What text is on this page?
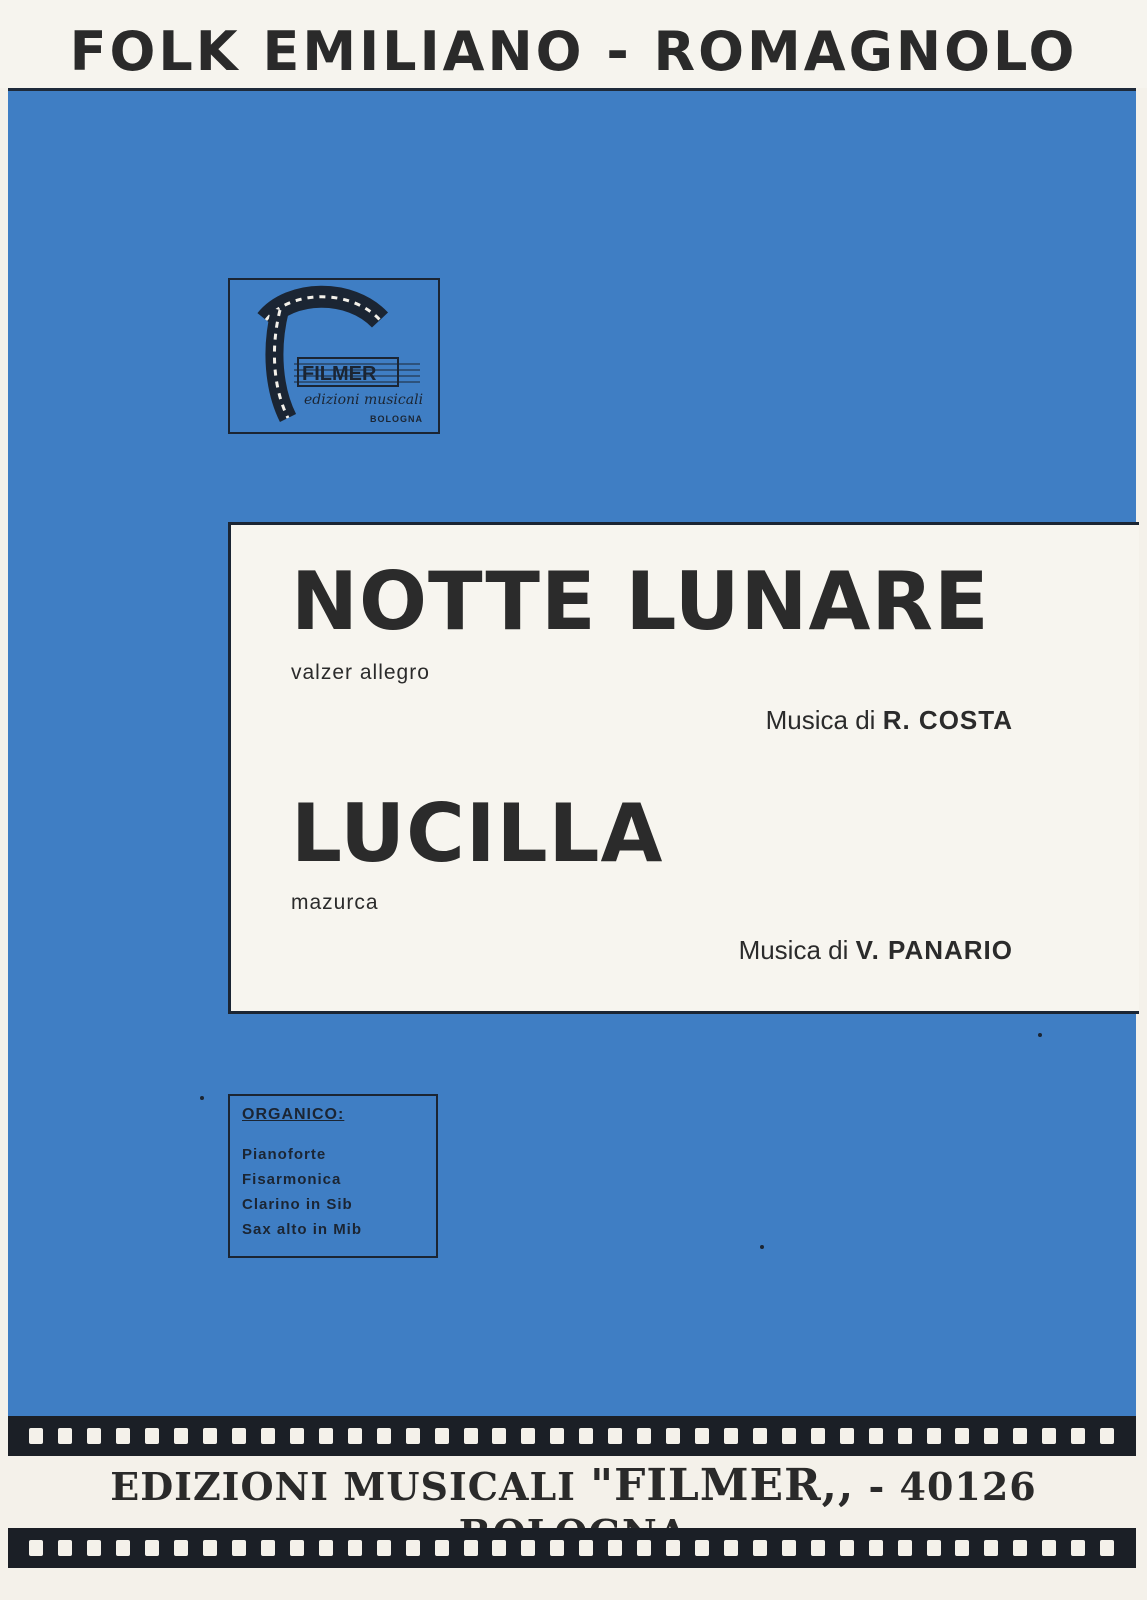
FOLK EMILIANO - ROMAGNOLO
FILMER
edizioni musicali
BOLOGNA
NOTTE LUNARE
valzer allegro
Musica di R. COSTA
LUCILLA
mazurca
Musica di V. PANARIO
ORGANICO:
Pianoforte
Fisarmonica
Clarino in Sib
Sax alto in Mib
EDIZIONI MUSICALI "FILMER,, - 40126
